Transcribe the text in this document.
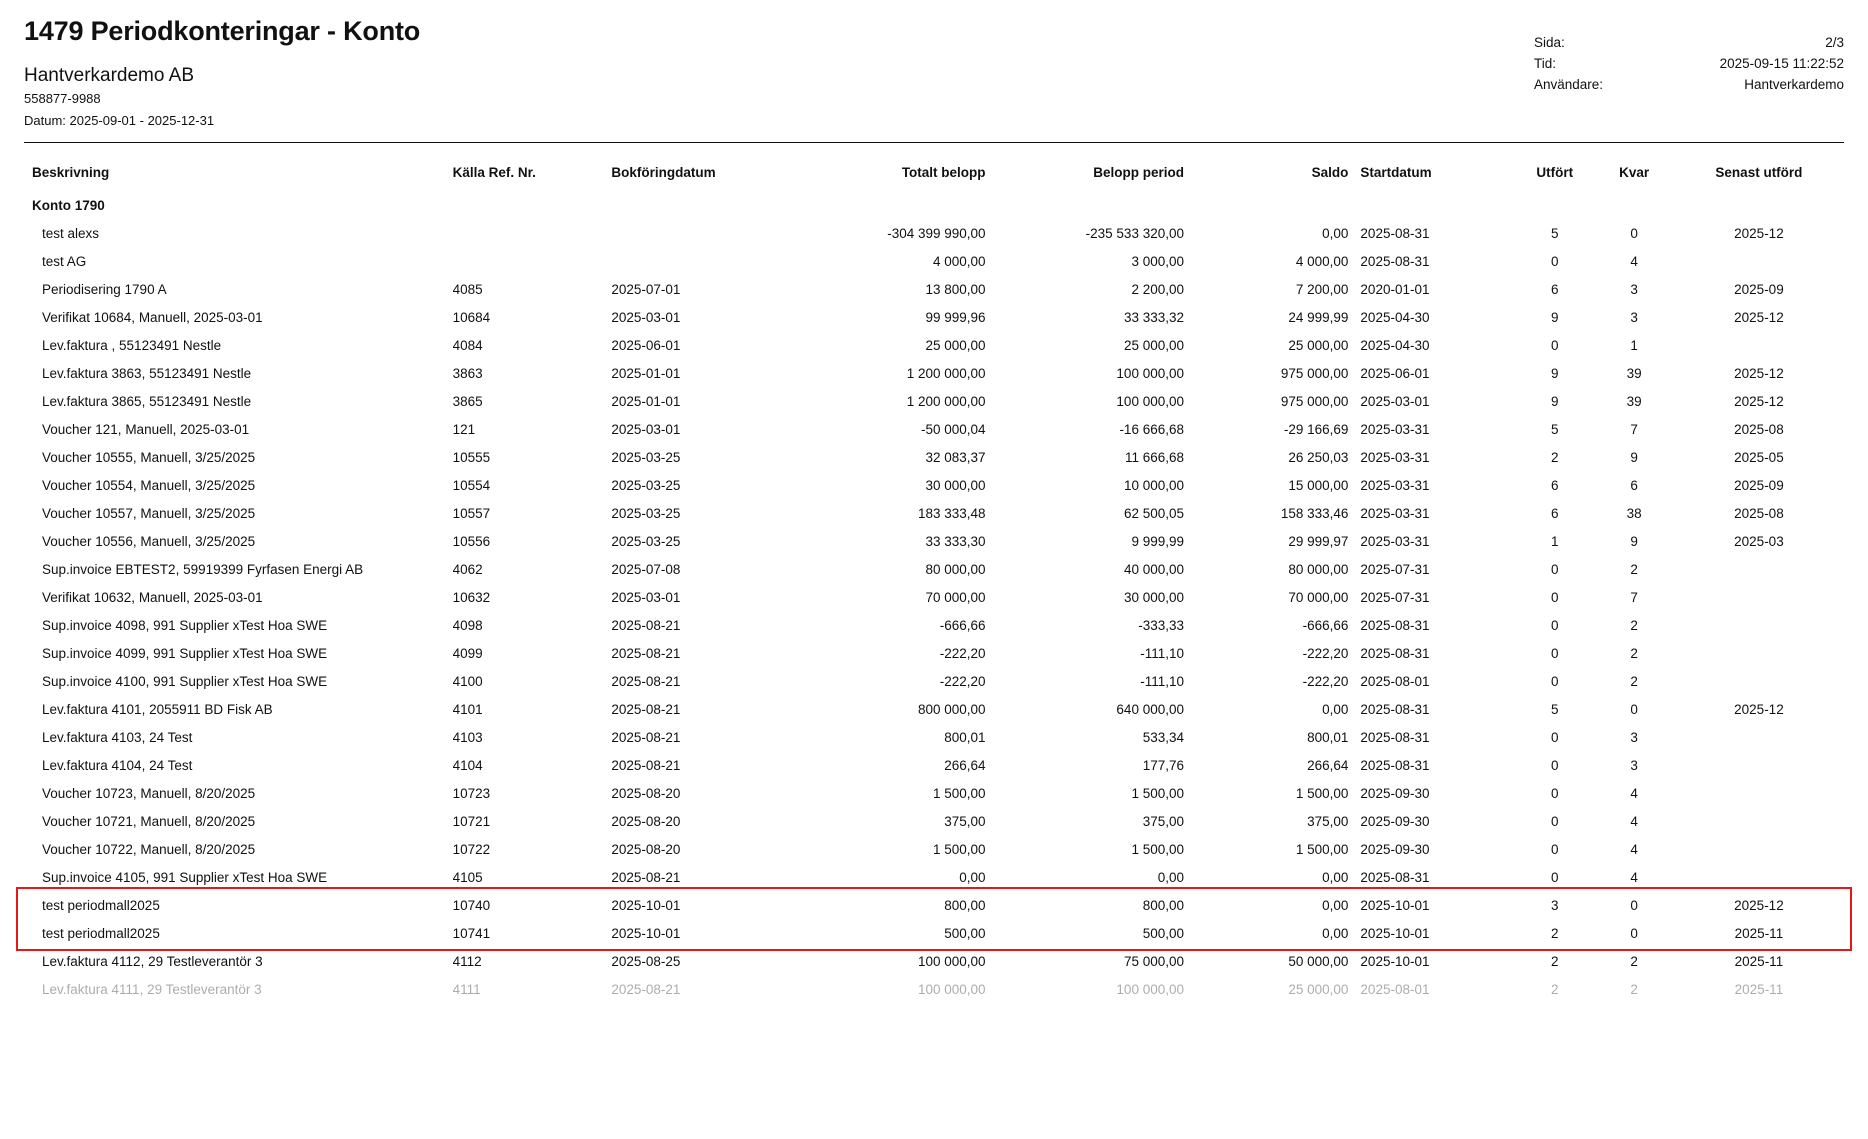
1479 Periodkonteringar - Konto
Hantverkardemo AB
558877-9988
Datum: 2025-09-01 - 2025-12-31
Sida:	2/3
Tid:	2025-09-15 11:22:52
Användare:	Hantverkardemo
Beskrivning	Källa Ref. Nr.	Bokföringdatum	Totalt belopp	Belopp period	Saldo	Startdatum	Utfört	Kvar	Senast utförd
Konto 1790									
test alexs			-304 399 990,00	-235 533 320,00	0,00	2025-08-31	5	0	2025-12
test AG			4 000,00	3 000,00	4 000,00	2025-08-31	0	4	
Periodisering 1790 A	4085	2025-07-01	13 800,00	2 200,00	7 200,00	2020-01-01	6	3	2025-09
Verifikat 10684, Manuell, 2025-03-01	10684	2025-03-01	99 999,96	33 333,32	24 999,99	2025-04-30	9	3	2025-12
Lev.faktura , 55123491 Nestle	4084	2025-06-01	25 000,00	25 000,00	25 000,00	2025-04-30	0	1	
Lev.faktura 3863, 55123491 Nestle	3863	2025-01-01	1 200 000,00	100 000,00	975 000,00	2025-06-01	9	39	2025-12
Lev.faktura 3865, 55123491 Nestle	3865	2025-01-01	1 200 000,00	100 000,00	975 000,00	2025-03-01	9	39	2025-12
Voucher 121, Manuell, 2025-03-01	121	2025-03-01	-50 000,04	-16 666,68	-29 166,69	2025-03-31	5	7	2025-08
Voucher 10555, Manuell, 3/25/2025	10555	2025-03-25	32 083,37	11 666,68	26 250,03	2025-03-31	2	9	2025-05
Voucher 10554, Manuell, 3/25/2025	10554	2025-03-25	30 000,00	10 000,00	15 000,00	2025-03-31	6	6	2025-09
Voucher 10557, Manuell, 3/25/2025	10557	2025-03-25	183 333,48	62 500,05	158 333,46	2025-03-31	6	38	2025-08
Voucher 10556, Manuell, 3/25/2025	10556	2025-03-25	33 333,30	9 999,99	29 999,97	2025-03-31	1	9	2025-03
Sup.invoice EBTEST2, 59919399 Fyrfasen Energi AB	4062	2025-07-08	80 000,00	40 000,00	80 000,00	2025-07-31	0	2	
Verifikat 10632, Manuell, 2025-03-01	10632	2025-03-01	70 000,00	30 000,00	70 000,00	2025-07-31	0	7	
Sup.invoice 4098, 991 Supplier xTest Hoa SWE	4098	2025-08-21	-666,66	-333,33	-666,66	2025-08-31	0	2	
Sup.invoice 4099, 991 Supplier xTest Hoa SWE	4099	2025-08-21	-222,20	-111,10	-222,20	2025-08-31	0	2	
Sup.invoice 4100, 991 Supplier xTest Hoa SWE	4100	2025-08-21	-222,20	-111,10	-222,20	2025-08-01	0	2	
Lev.faktura 4101, 2055911 BD Fisk AB	4101	2025-08-21	800 000,00	640 000,00	0,00	2025-08-31	5	0	2025-12
Lev.faktura 4103, 24 Test	4103	2025-08-21	800,01	533,34	800,01	2025-08-31	0	3	
Lev.faktura 4104, 24 Test	4104	2025-08-21	266,64	177,76	266,64	2025-08-31	0	3	
Voucher 10723, Manuell, 8/20/2025	10723	2025-08-20	1 500,00	1 500,00	1 500,00	2025-09-30	0	4	
Voucher 10721, Manuell, 8/20/2025	10721	2025-08-20	375,00	375,00	375,00	2025-09-30	0	4	
Voucher 10722, Manuell, 8/20/2025	10722	2025-08-20	1 500,00	1 500,00	1 500,00	2025-09-30	0	4	
Sup.invoice 4105, 991 Supplier xTest Hoa SWE	4105	2025-08-21	0,00	0,00	0,00	2025-08-31	0	4	
test periodmall2025	10740	2025-10-01	800,00	800,00	0,00	2025-10-01	3	0	2025-12
test periodmall2025	10741	2025-10-01	500,00	500,00	0,00	2025-10-01	2	0	2025-11
Lev.faktura 4112, 29 Testleverantör 3	4112	2025-08-25	100 000,00	75 000,00	50 000,00	2025-10-01	2	2	2025-11
Lev.faktura 4111, 29 Testleverantör 3	4111	2025-08-21	100 000,00	100 000,00	25 000,00	2025-08-01	2	2	2025-11
